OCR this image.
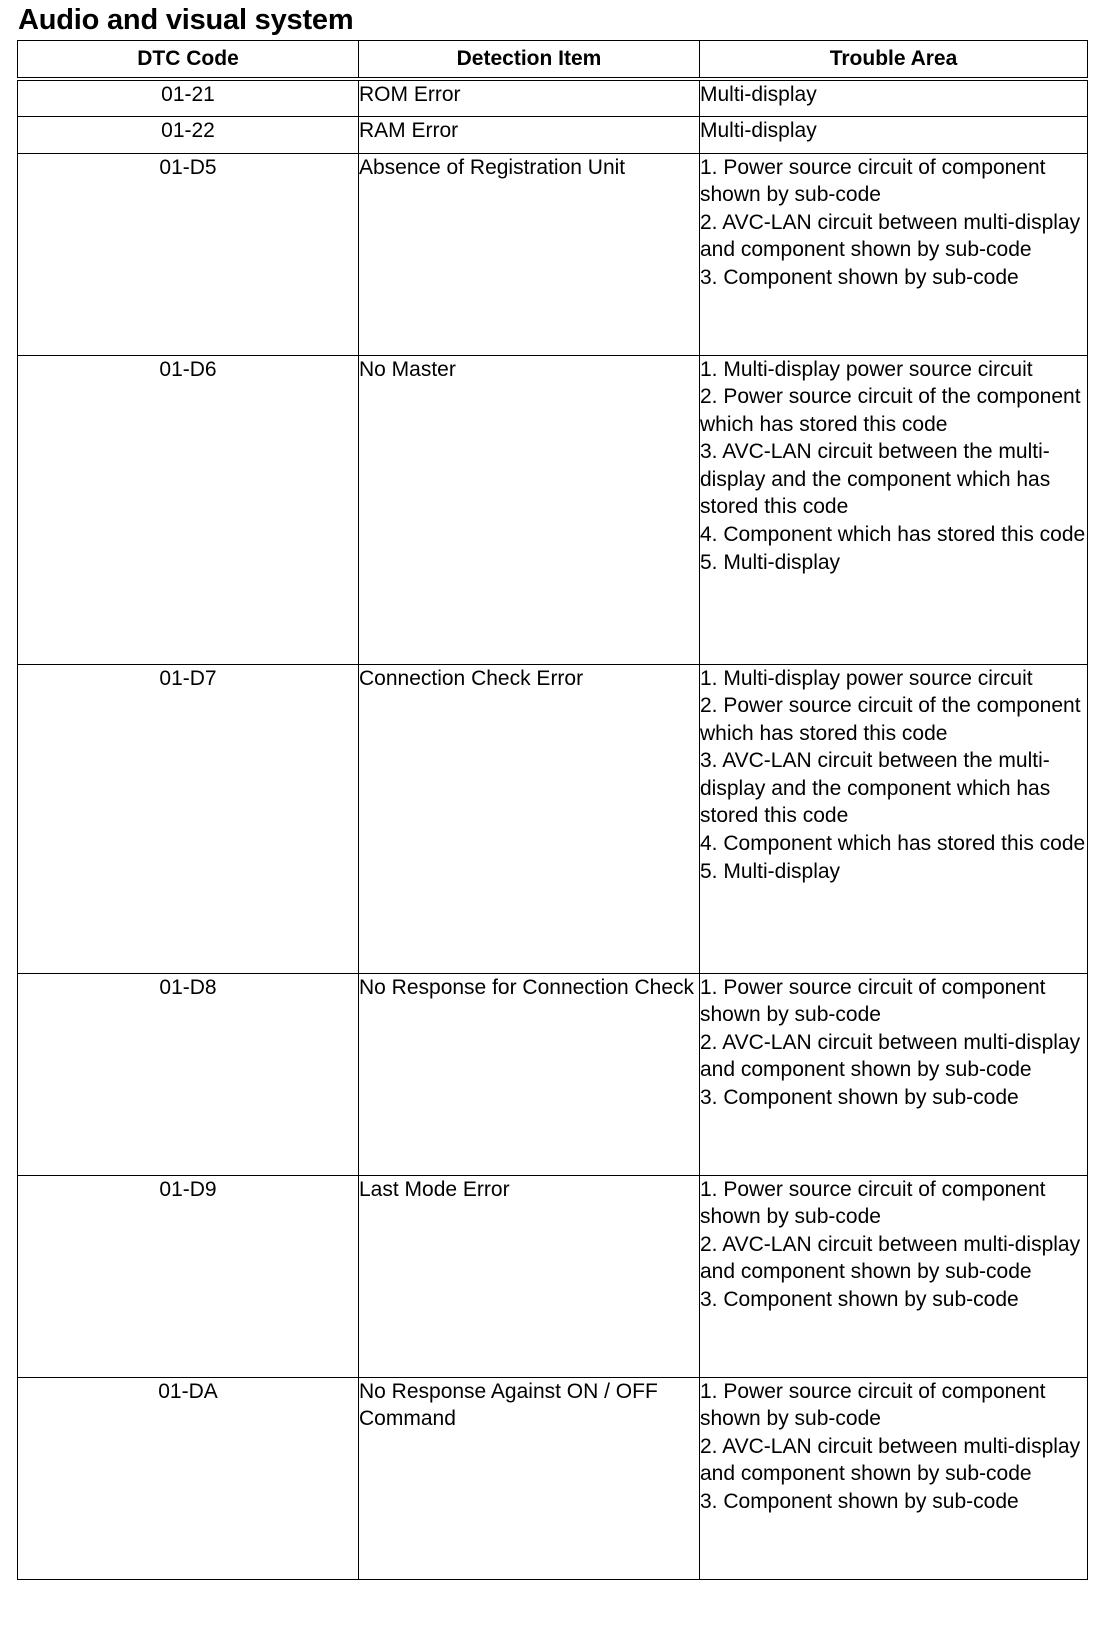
Audio and visual system
DTC Code	Detection Item	Trouble Area
01-21	ROM Error	Multi-display

01-22	RAM Error	Multi-display

01-D5	Absence of Registration Unit	1. Power source circuit of component shown by sub-code
2. AVC-LAN circuit between multi-display and component shown by sub-code
3. Component shown by sub-code

01-D6	No Master	1. Multi-display power source circuit
2. Power source circuit of the component which has stored this code
3. AVC-LAN circuit between the multi-display and the component which has stored this code
4. Component which has stored this code
5. Multi-display

01-D7	Connection Check Error	1. Multi-display power source circuit
2. Power source circuit of the component which has stored this code
3. AVC-LAN circuit between the multi-display and the component which has stored this code
4. Component which has stored this code
5. Multi-display

01-D8	No Response for Connection Check	1. Power source circuit of component shown by sub-code
2. AVC-LAN circuit between multi-display and component shown by sub-code
3. Component shown by sub-code

01-D9	Last Mode Error	1. Power source circuit of component shown by sub-code
2. AVC-LAN circuit between multi-display and component shown by sub-code
3. Component shown by sub-code

01-DA	No Response Against ON / OFF Command	1. Power source circuit of component shown by sub-code
2. AVC-LAN circuit between multi-display and component shown by sub-code
3. Component shown by sub-code
